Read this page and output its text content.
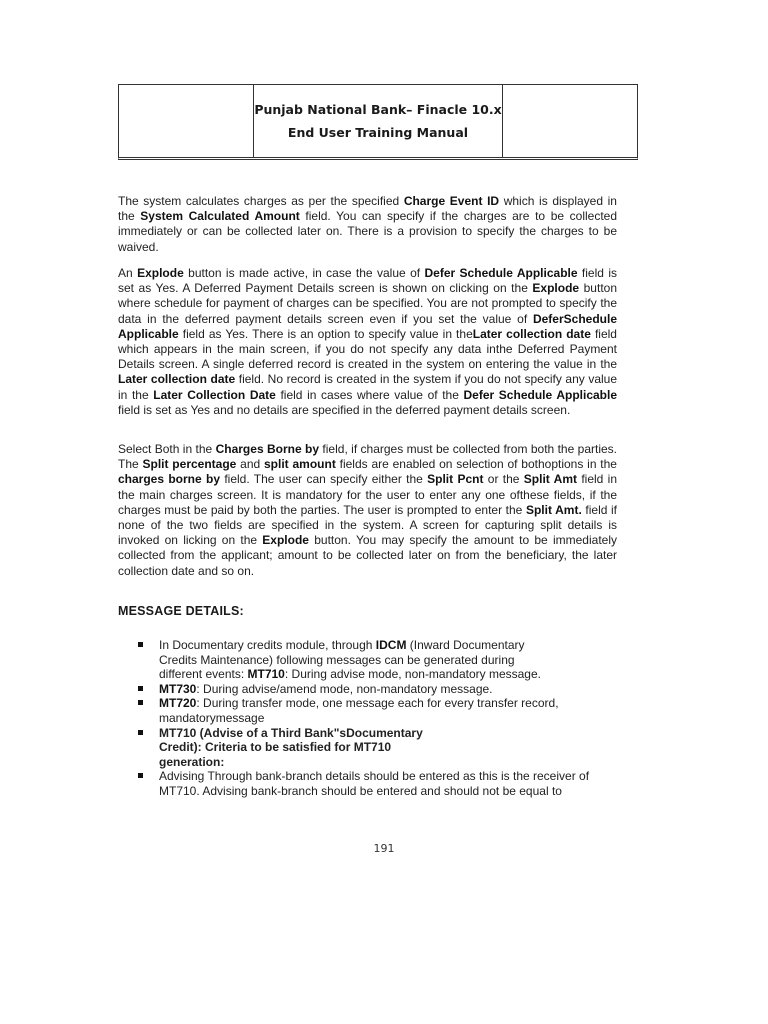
Punjab National Bank– Finacle 10.x
End User Training Manual

The system calculates charges as per the specified Charge Event ID which is displayed in the System Calculated Amount field. You can specify if the charges are to be collected immediately or can be collected later on. There is a provision to specify the charges to be waived.

An Explode button is made active, in case the value of Defer Schedule Applicable field is set as Yes. A Deferred Payment Details screen is shown on clicking on the Explode button where schedule for payment of charges can be specified. You are not prompted to specify the data in the deferred payment details screen even if you set the value of DeferSchedule Applicable field as Yes. There is an option to specify value in theLater collection date field which appears in the main screen, if you do not specify any data inthe Deferred Payment Details screen. A single deferred record is created in the system on entering the value in the Later collection date field. No record is created in the system if you do not specify any value in the Later Collection Date field in cases where value of the Defer Schedule Applicable field is set as Yes and no details are specified in the deferred payment details screen.

Select Both in the Charges Borne by field, if charges must be collected from both the parties. The Split percentage and split amount fields are enabled on selection of bothoptions in the charges borne by field. The user can specify either the Split Pcnt or the Split Amt field in the main charges screen. It is mandatory for the user to enter any one ofthese fields, if the charges must be paid by both the parties. The user is prompted to enter the Split Amt. field if none of the two fields are specified in the system. A screen for capturing split details is invoked on licking on the Explode button. You may specify the amount to be immediately collected from the applicant; amount to be collected later on from the beneficiary, the later collection date and so on.

MESSAGE DETAILS:
In Documentary credits module, through IDCM (Inward Documentary Credits Maintenance) following messages can be generated during different events: MT710: During advise mode, non-mandatory message.
MT730: During advise/amend mode, non-mandatory message.
MT720: During transfer mode, one message each for every transfer record, mandatorymessage
MT710 (Advise of a Third Bank"sDocumentary Credit): Criteria to be satisfied for MT710 generation:
Advising Through bank-branch details should be entered as this is the receiver of MT710. Advising bank-branch should be entered and should not be equal to
191
